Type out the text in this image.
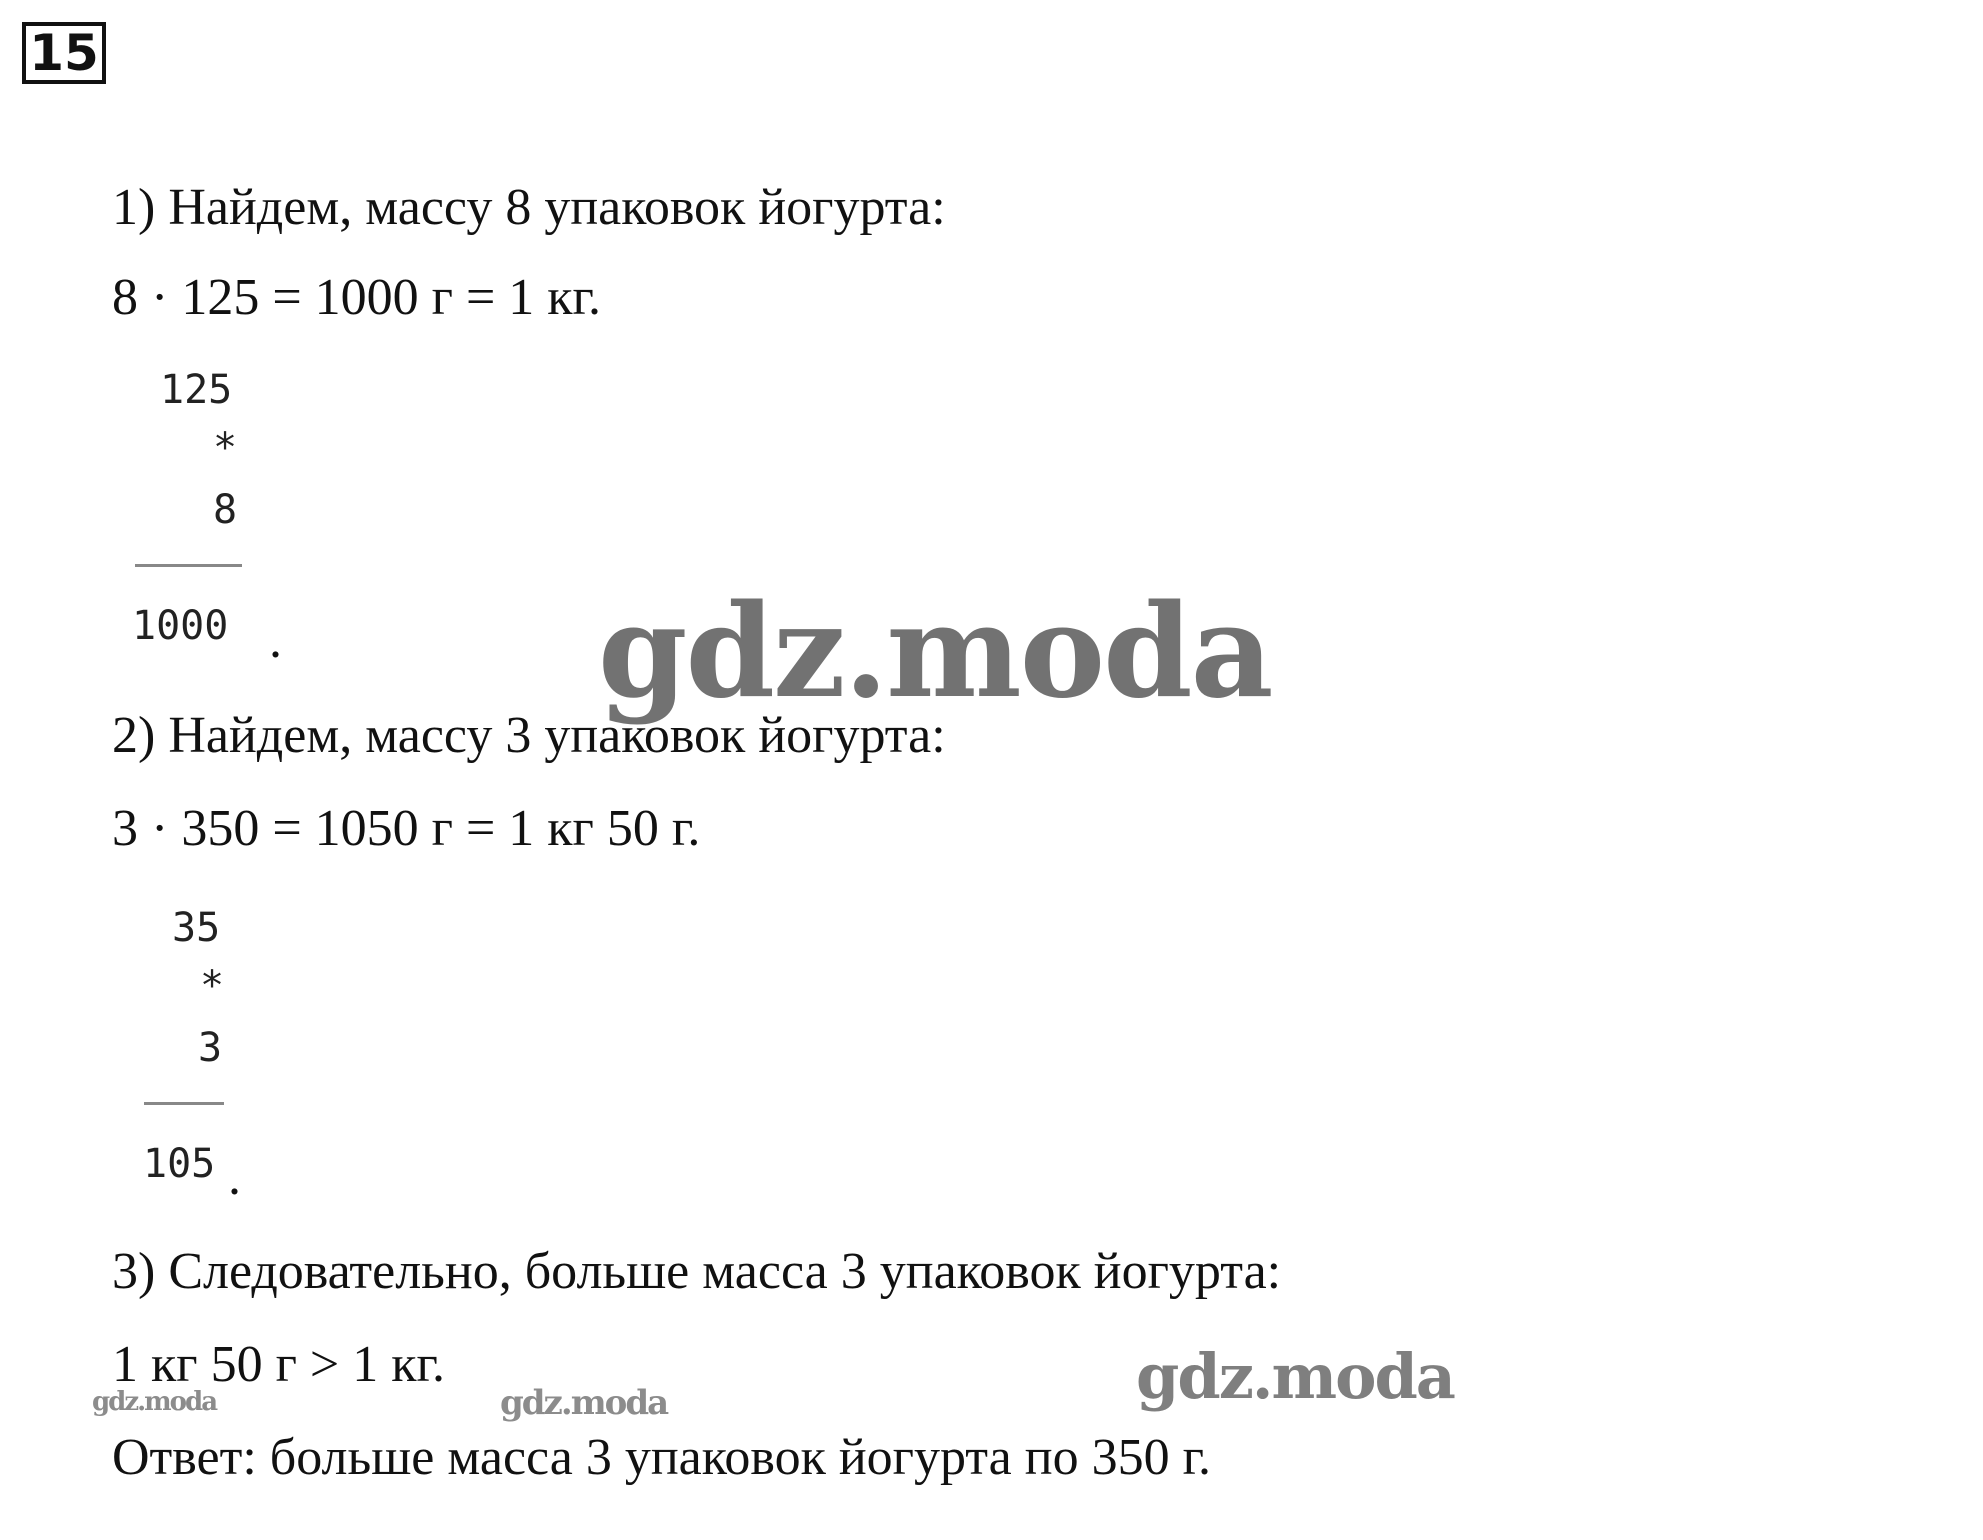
15
1) Найдем, массу 8 упаковок йогурта:
8 · 125 = 1000 г = 1 кг.
125
*
8
1000 .
2) Найдем, массу 3 упаковок йогурта:
3 · 350 = 1050 г = 1 кг 50 г.
35
*
3
105 .
3) Следовательно, больше масса 3 упаковок йогурта:
1 кг 50 г > 1 кг.
Ответ: больше масса 3 упаковок йогурта по 350 г.
gdz.moda
gdz.moda
gdz.moda
gdz.moda
